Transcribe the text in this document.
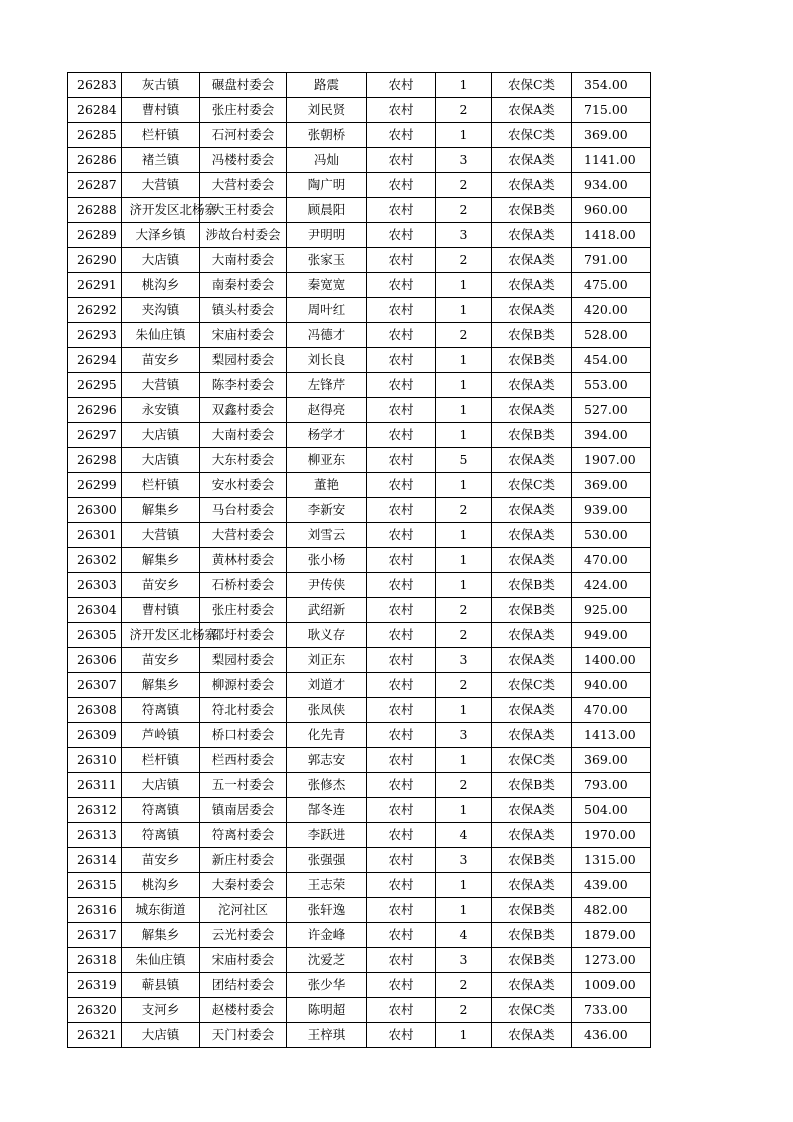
26283	灰古镇	碾盘村委会	路震	农村	1	农保C类	354.00
26284	曹村镇	张庄村委会	刘民贤	农村	2	农保A类	715.00
26285	栏杆镇	石河村委会	张朝桥	农村	1	农保C类	369.00
26286	褚兰镇	冯楼村委会	冯灿	农村	3	农保A类	1141.00
26287	大营镇	大营村委会	陶广明	农村	2	农保A类	934.00
26288	济开发区北杨寨	大王村委会	顾晨阳	农村	2	农保B类	960.00
26289	大泽乡镇	涉故台村委会	尹明明	农村	3	农保A类	1418.00
26290	大店镇	大南村委会	张家玉	农村	2	农保A类	791.00
26291	桃沟乡	南秦村委会	秦宽宽	农村	1	农保A类	475.00
26292	夹沟镇	镇头村委会	周叶红	农村	1	农保A类	420.00
26293	朱仙庄镇	宋庙村委会	冯德才	农村	2	农保B类	528.00
26294	苗安乡	梨园村委会	刘长良	农村	1	农保B类	454.00
26295	大营镇	陈李村委会	左锋芹	农村	1	农保A类	553.00
26296	永安镇	双鑫村委会	赵得亮	农村	1	农保A类	527.00
26297	大店镇	大南村委会	杨学才	农村	1	农保B类	394.00
26298	大店镇	大东村委会	柳亚东	农村	5	农保A类	1907.00
26299	栏杆镇	安水村委会	董艳	农村	1	农保C类	369.00
26300	解集乡	马台村委会	李新安	农村	2	农保A类	939.00
26301	大营镇	大营村委会	刘雪云	农村	1	农保A类	530.00
26302	解集乡	黄林村委会	张小杨	农村	1	农保A类	470.00
26303	苗安乡	石桥村委会	尹传侠	农村	1	农保B类	424.00
26304	曹村镇	张庄村委会	武绍新	农村	2	农保B类	925.00
26305	济开发区北杨寨	邵圩村委会	耿义存	农村	2	农保A类	949.00
26306	苗安乡	梨园村委会	刘正东	农村	3	农保A类	1400.00
26307	解集乡	柳源村委会	刘道才	农村	2	农保C类	940.00
26308	符离镇	符北村委会	张凤侠	农村	1	农保A类	470.00
26309	芦岭镇	桥口村委会	化先青	农村	3	农保A类	1413.00
26310	栏杆镇	栏西村委会	郭志安	农村	1	农保C类	369.00
26311	大店镇	五一村委会	张修杰	农村	2	农保B类	793.00
26312	符离镇	镇南居委会	郜冬连	农村	1	农保A类	504.00
26313	符离镇	符离村委会	李跃进	农村	4	农保A类	1970.00
26314	苗安乡	新庄村委会	张强强	农村	3	农保B类	1315.00
26315	桃沟乡	大秦村委会	王志荣	农村	1	农保A类	439.00
26316	城东街道	沱河社区	张轩逸	农村	1	农保B类	482.00
26317	解集乡	云光村委会	许金峰	农村	4	农保B类	1879.00
26318	朱仙庄镇	宋庙村委会	沈爱芝	农村	3	农保B类	1273.00
26319	蕲县镇	团结村委会	张少华	农村	2	农保A类	1009.00
26320	支河乡	赵楼村委会	陈明超	农村	2	农保C类	733.00
26321	大店镇	天门村委会	王梓琪	农村	1	农保A类	436.00
